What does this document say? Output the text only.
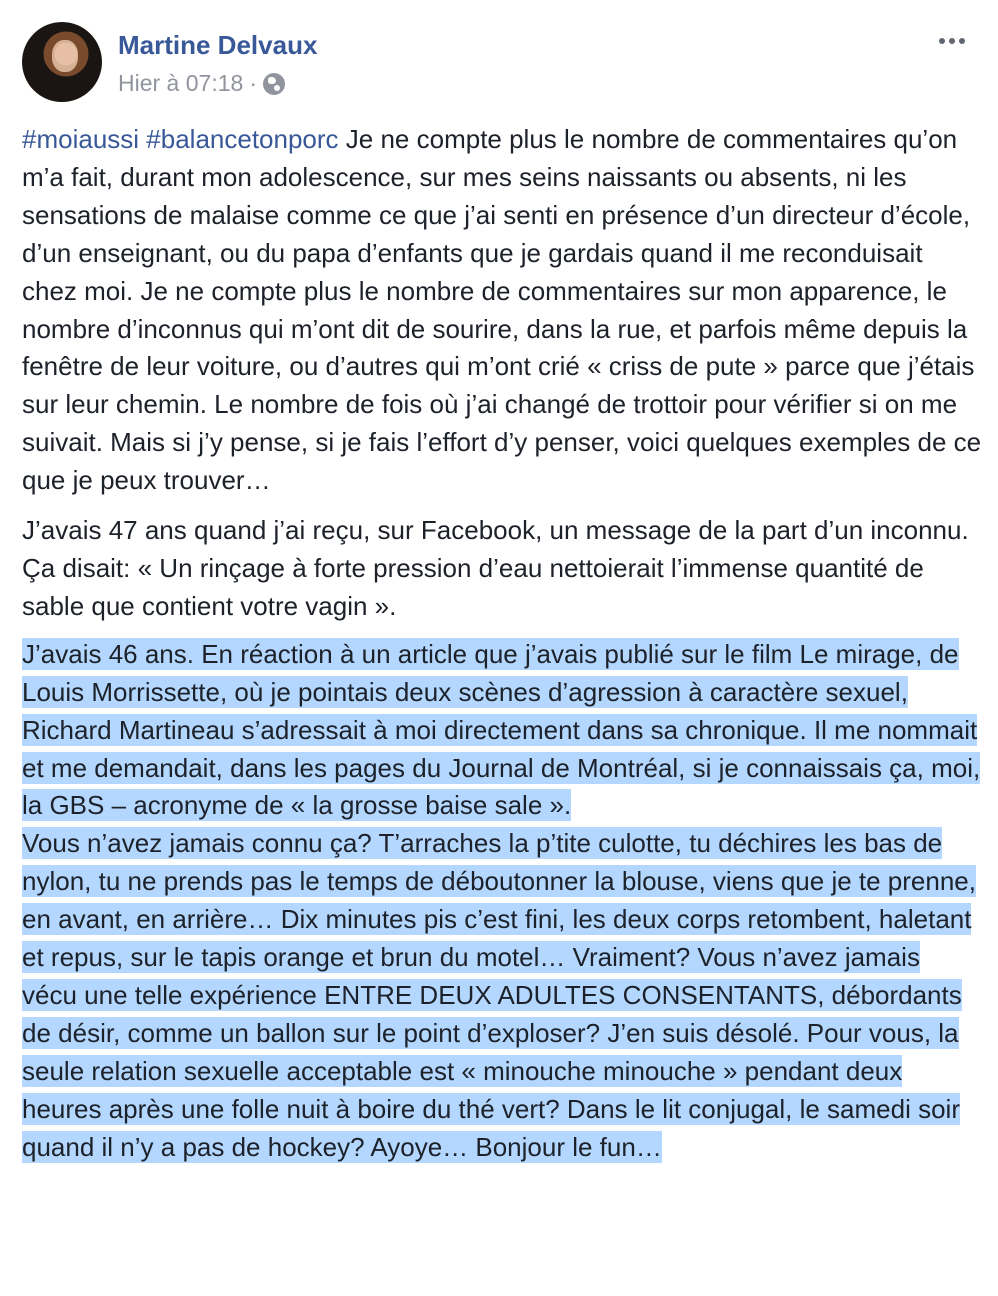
Martine Delvaux
Hier à 07:18 ·

#moiaussi #balancetonporc Je ne compte plus le nombre de commentaires qu’on m’a fait, durant mon adolescence, sur mes seins naissants ou absents, ni les sensations de malaise comme ce que j’ai senti en présence d’un directeur d’école, d’un enseignant, ou du papa d’enfants que je gardais quand il me reconduisait chez moi. Je ne compte plus le nombre de commentaires sur mon apparence, le nombre d’inconnus qui m’ont dit de sourire, dans la rue, et parfois même depuis la fenêtre de leur voiture, ou d’autres qui m’ont crié « criss de pute » parce que j’étais sur leur chemin. Le nombre de fois où j’ai changé de trottoir pour vérifier si on me suivait. Mais si j’y pense, si je fais l’effort d’y penser, voici quelques exemples de ce que je peux trouver…

J’avais 47 ans quand j’ai reçu, sur Facebook, un message de la part d’un inconnu. Ça disait: « Un rinçage à forte pression d’eau nettoierait l’immense quantité de sable que contient votre vagin ».

J’avais 46 ans. En réaction à un article que j’avais publié sur le film Le mirage, de Louis Morrissette, où je pointais deux scènes d’agression à caractère sexuel, Richard Martineau s’adressait à moi directement dans sa chronique. Il me nommait et me demandait, dans les pages du Journal de Montréal, si je connaissais ça, moi, la GBS – acronyme de « la grosse baise sale ».

Vous n’avez jamais connu ça? T’arraches la p’tite culotte, tu déchires les bas de nylon, tu ne prends pas le temps de déboutonner la blouse, viens que je te prenne, en avant, en arrière… Dix minutes pis c’est fini, les deux corps retombent, haletant et repus, sur le tapis orange et brun du motel… Vraiment? Vous n’avez jamais vécu une telle expérience ENTRE DEUX ADULTES CONSENTANTS, débordants de désir, comme un ballon sur le point d’exploser? J’en suis désolé. Pour vous, la seule relation sexuelle acceptable est « minouche minouche » pendant deux heures après une folle nuit à boire du thé vert? Dans le lit conjugal, le samedi soir quand il n’y a pas de hockey? Ayoye… Bonjour le fun…
